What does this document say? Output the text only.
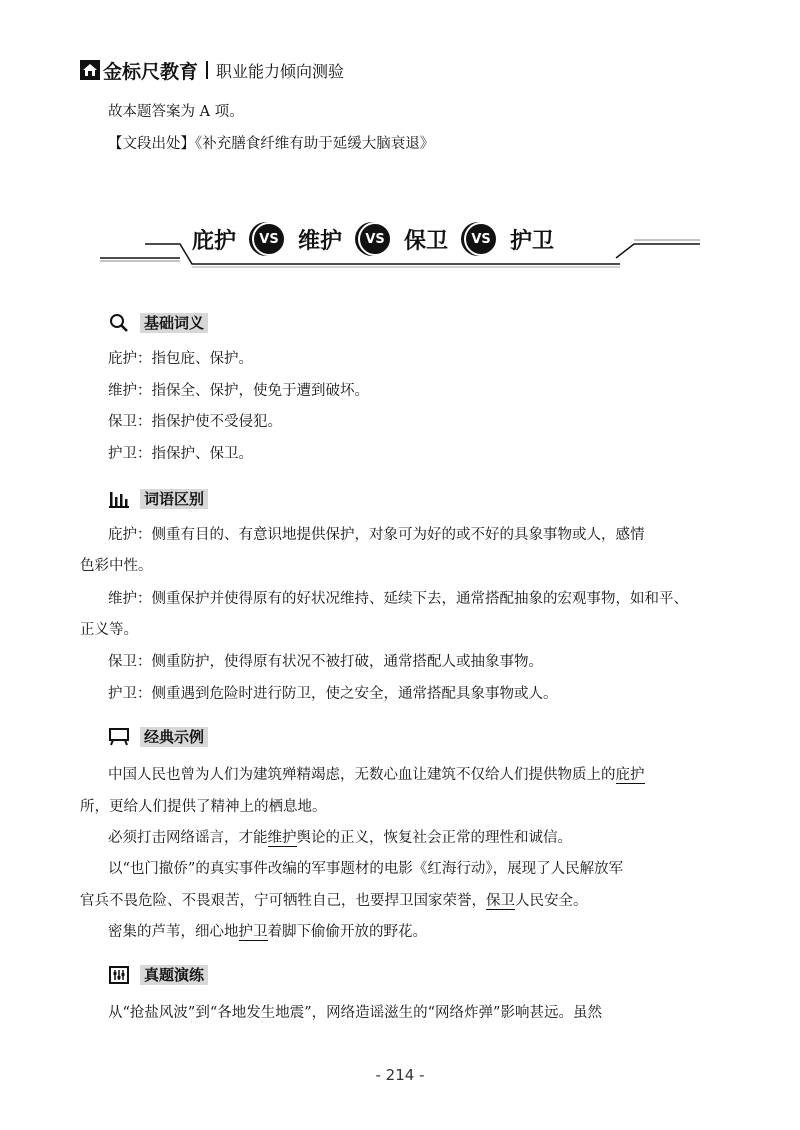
金标尺教育 职业能力倾向测验
故本题答案为 A 项。
【文段出处】《补充膳食纤维有助于延缓大脑衰退》
庇护	VS 维护	VS 保卫	VS 护卫
基础词义
庇护：指包庇、保护。
维护：指保全、保护，使免于遭到破坏。
保卫：指保护使不受侵犯。
护卫：指保护、保卫。
词语区别
庇护：侧重有目的、有意识地提供保护，对象可为好的或不好的具象事物或人，感情
色彩中性。
维护：侧重保护并使得原有的好状况维持、延续下去，通常搭配抽象的宏观事物，如和平、
正义等。
保卫：侧重防护，使得原有状况不被打破，通常搭配人或抽象事物。
护卫：侧重遇到危险时进行防卫，使之安全，通常搭配具象事物或人。
经典示例
中国人民也曾为人们为建筑殚精竭虑，无数心血让建筑不仅给人们提供物质上的庇护
所，更给人们提供了精神上的栖息地。
必须打击网络谣言，才能维护舆论的正义，恢复社会正常的理性和诚信。
以“也门撤侨”的真实事件改编的军事题材的电影《红海行动》，展现了人民解放军
官兵不畏危险、不畏艰苦，宁可牺牲自己，也要捍卫国家荣誉，保卫人民安全。
密集的芦苇，细心地护卫着脚下偷偷开放的野花。
真题演练
从“抢盐风波”到“各地发生地震”，网络造谣滋生的“网络炸弹”影响甚远。虽然
- 214 -
